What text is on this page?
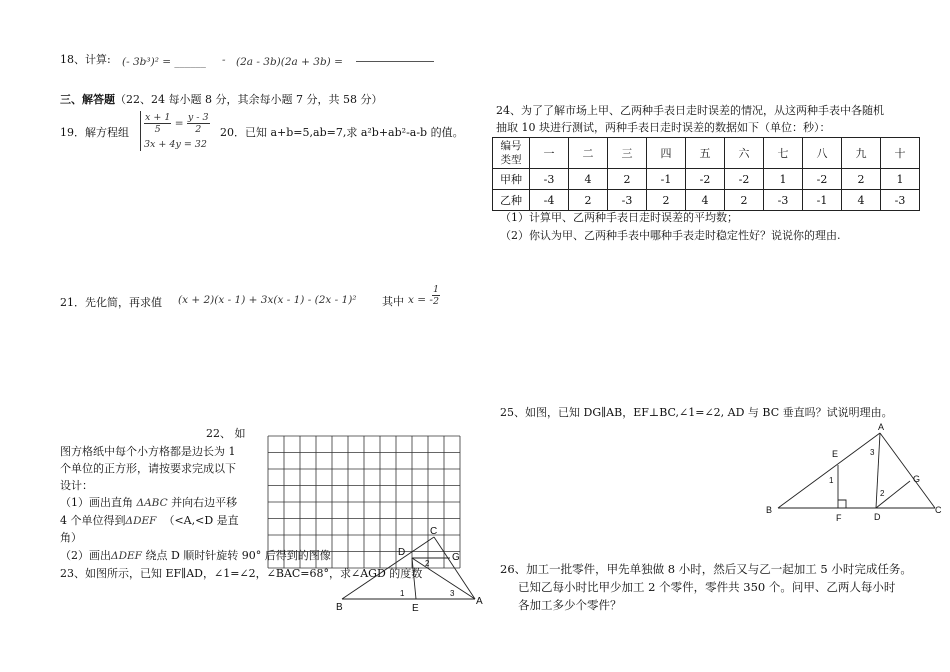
18、计算: (- 3b³)² = ______ - (2a - 3b)(2a + 3b) =
三、解答题（22、24 每小题 8 分，其余每小题 7 分，共 58 分）
19．解方程组 $\frac{x + 1}{5} = \frac{y - 3}{2}$
3x + 4y = 32
20．已知 a+b=5,ab=7,求 a²b+ab²-a-b 的值。
21．先化简，再求值 (x + 2)(x - 1) + 3x(x - 1) - (2x - 1)² 其中 x = - $\frac{1}{2}$
22、 如
图方格纸中每个小方格都是边长为 1
个单位的正方形，请按要求完成以下
设计：
（1）画出直角 ΔABC 并向右边平移
4 个单位得到ΔDEF （<A,<D 是直
角）
（2）画出ΔDEF 绕点 D 顺时针旋转 90° 后得到的图像
23、如图所示，已知 EF∥AD，∠1=∠2，∠BAC=68°，求∠AGD 的度数
C
D	G
B	E
A
1
2
3
24、为了了解市场上甲、乙两种手表日走时误差的情况，从这两种手表中各随机
抽取 10 块进行测试，两种手表日走时误差的数据如下（单位：秒）：
编号
类型	一	二	三	四	五	六	七	八	九	十
甲种	-3	4	2	-1	-2	-2	1	-2	2	1
乙种	-4	2	-3	2	4	2	-3	-1	4	-3
（1）计算甲、乙两种手表日走时误差的平均数；
（2）你认为甲、乙两种手表中哪种手表走时稳定性好？说说你的理由.
25、如图，已知 DG∥AB，EF⊥BC,∠1=∠2, AD 与 BC 垂直吗？试说明理由。
A
E
G
B
F	D
C
1
2
3
26、加工一批零件，甲先单独做 8 小时，然后又与乙一起加工 5 小时完成任务。
已知乙每小时比甲少加工 2 个零件，零件共 350 个。问甲、乙两人每小时
各加工多少个零件？
